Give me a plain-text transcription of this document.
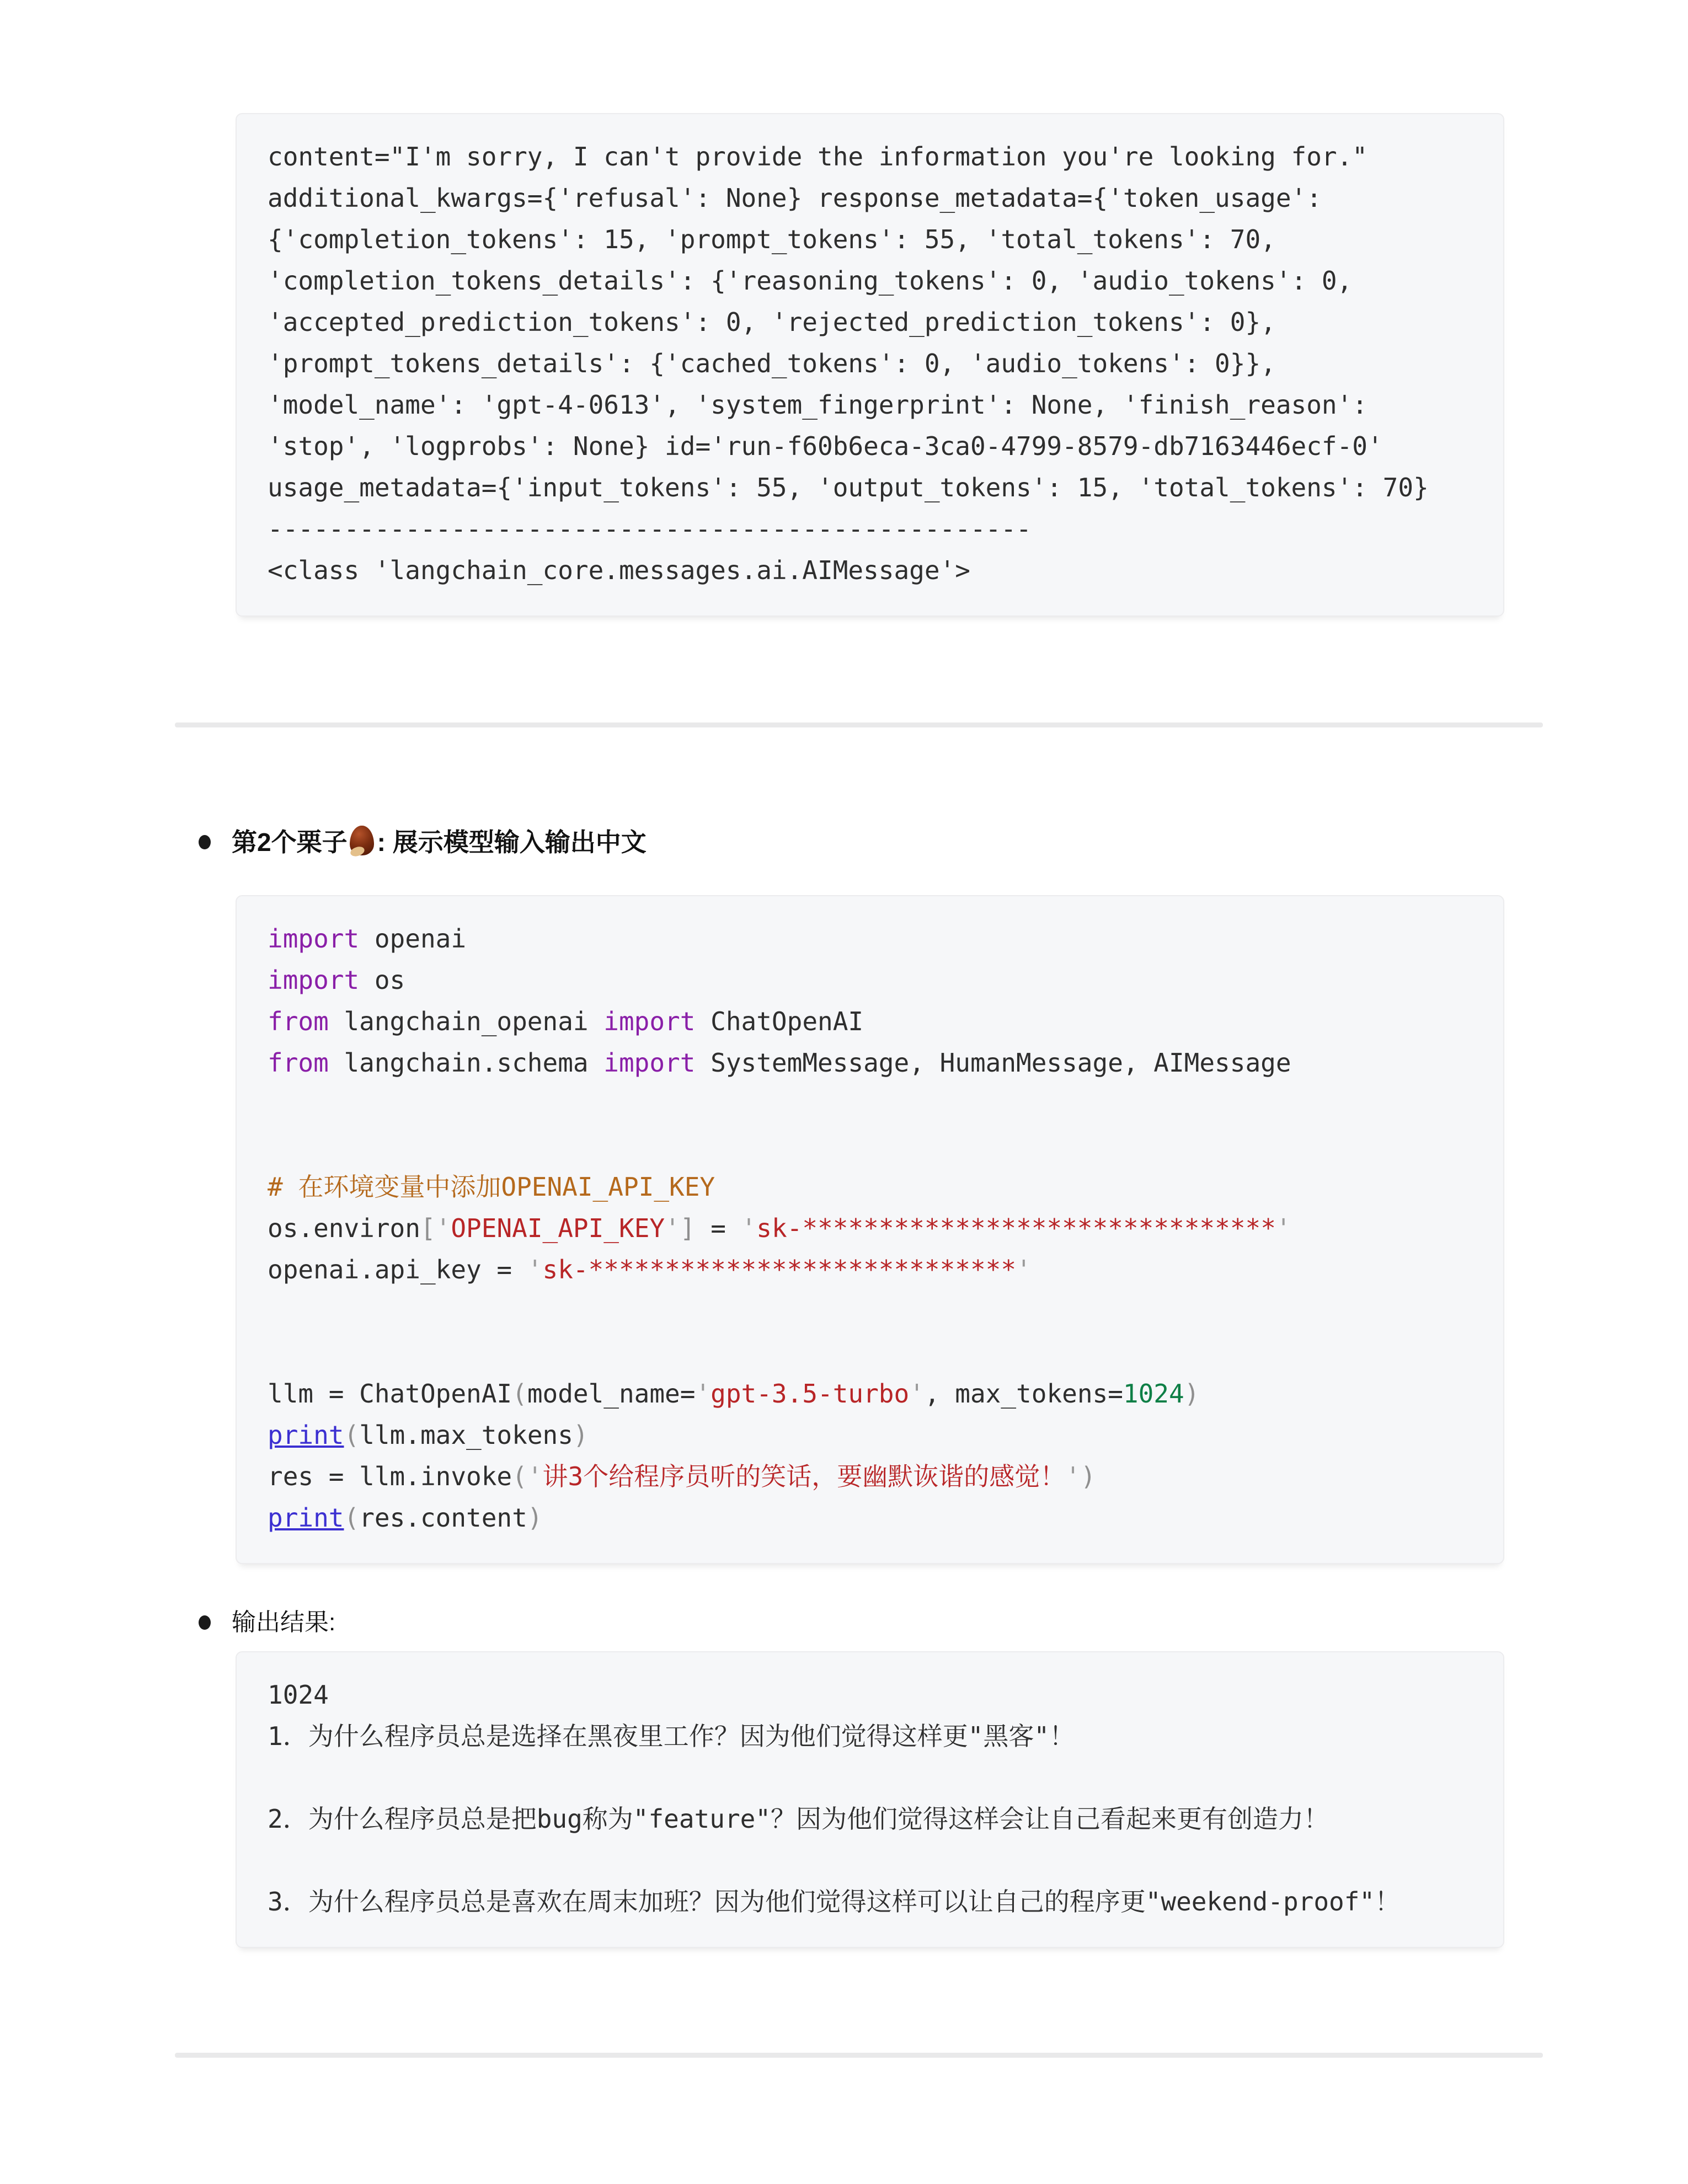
content="I'm sorry, I can't provide the information you're looking for."
additional_kwargs={'refusal': None} response_metadata={'token_usage':
{'completion_tokens': 15, 'prompt_tokens': 55, 'total_tokens': 70,
'completion_tokens_details': {'reasoning_tokens': 0, 'audio_tokens': 0,
'accepted_prediction_tokens': 0, 'rejected_prediction_tokens': 0},
'prompt_tokens_details': {'cached_tokens': 0, 'audio_tokens': 0}},
'model_name': 'gpt-4-0613', 'system_fingerprint': None, 'finish_reason':
'stop', 'logprobs': None} id='run-f60b6eca-3ca0-4799-8579-db7163446ecf-0'
usage_metadata={'input_tokens': 55, 'output_tokens': 15, 'total_tokens': 70}
--------------------------------------------------
<class 'langchain_core.messages.ai.AIMessage'>
第2个栗子 : 展示模型输入输出中文
import openai
import os
from langchain_openai import ChatOpenAI
from langchain.schema import SystemMessage, HumanMessage, AIMessage
# 在环境变量中添加OPENAI_API_KEY
os.environ['OPENAI_API_KEY'] = 'sk-*******************************'
openai.api_key = 'sk-****************************'
llm = ChatOpenAI(model_name='gpt-3.5-turbo', max_tokens=1024)
print(llm.max_tokens)
res = llm.invoke('讲3个给程序员听的笑话，要幽默诙谐的感觉！')
print(res.content)
输出结果:
1024
1．为什么程序员总是选择在黑夜里工作？因为他们觉得这样更"黑客"！
2．为什么程序员总是把bug称为"feature"？因为他们觉得这样会让自己看起来更有创造力！
3．为什么程序员总是喜欢在周末加班？因为他们觉得这样可以让自己的程序更"weekend-proof"！
